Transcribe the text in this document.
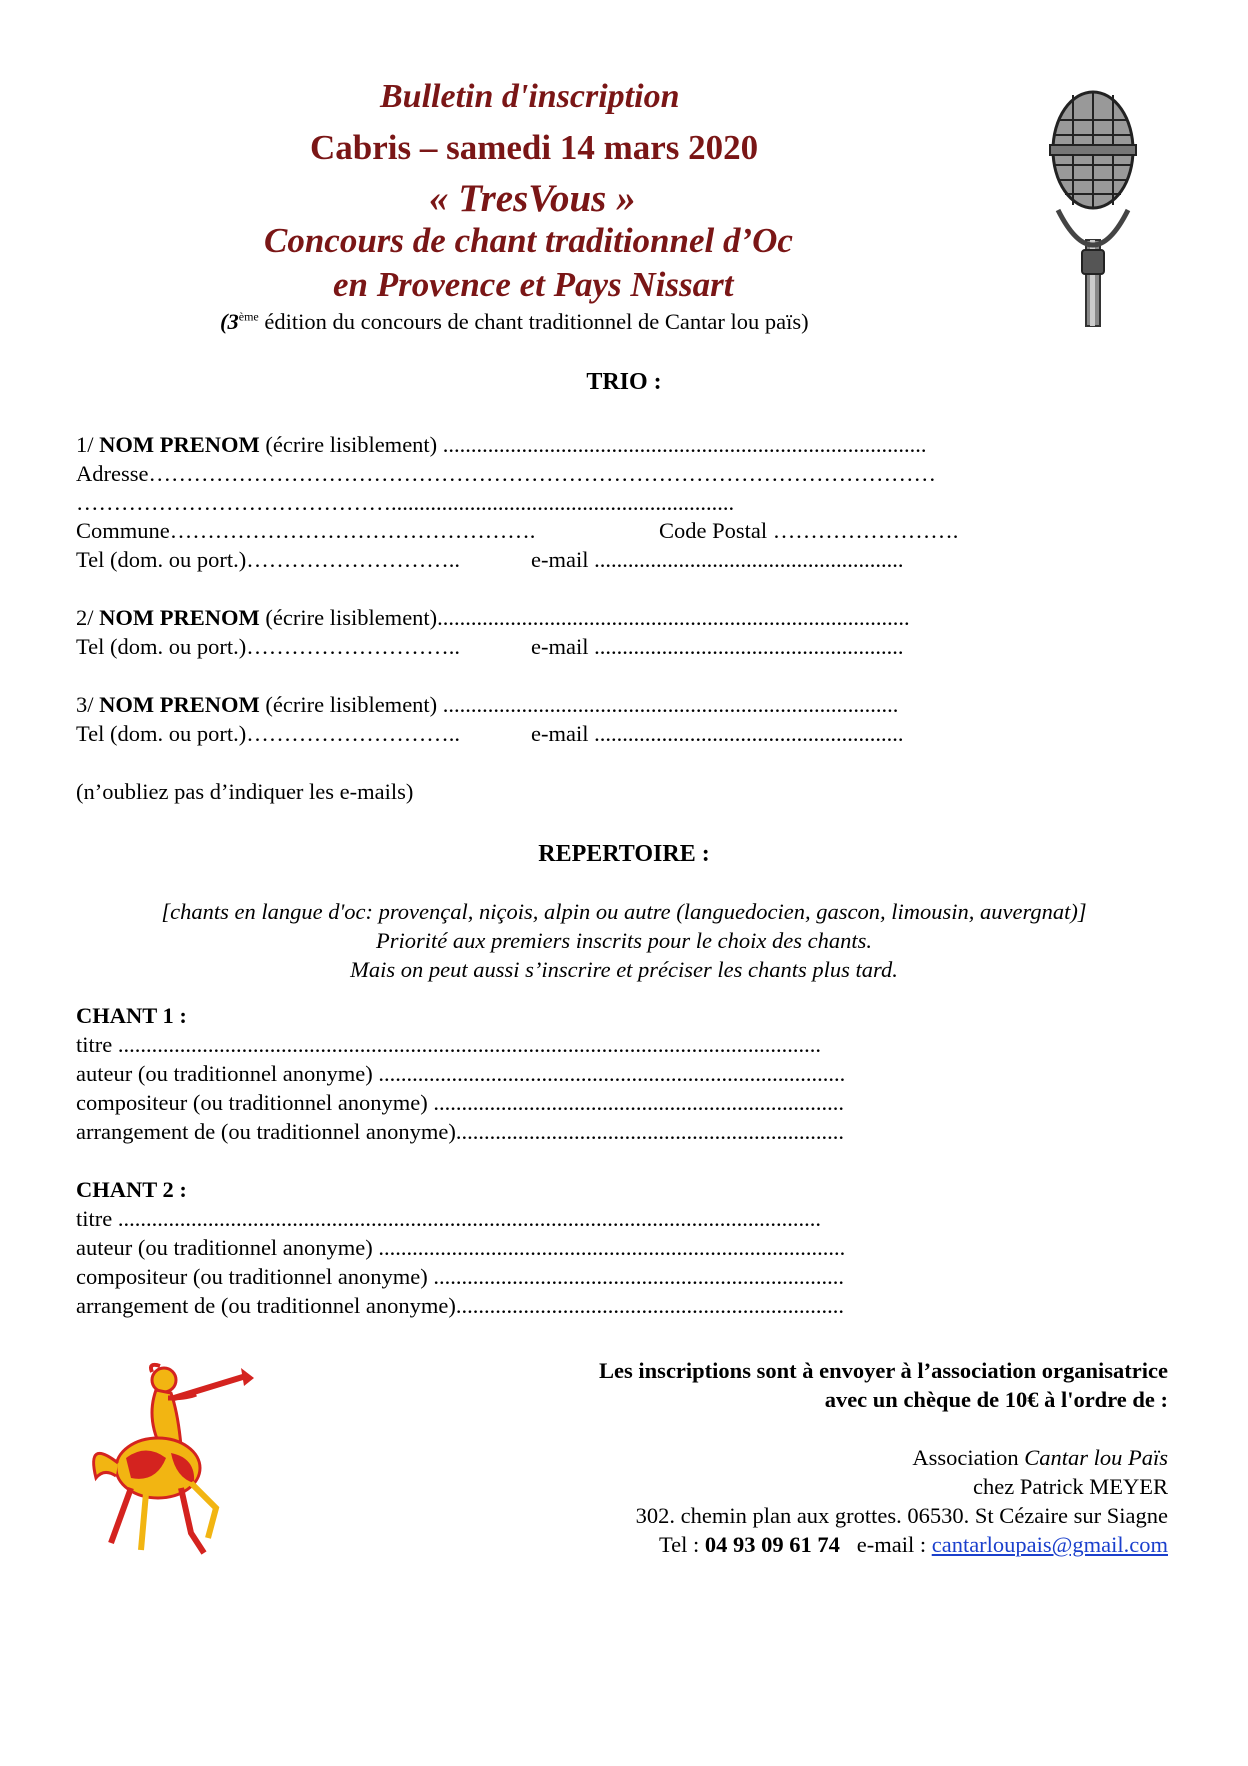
Bulletin d'inscription
Cabris – samedi 14 mars 2020
« TresVous »
Concours de chant traditionnel d’Oc
en Provence et Pays Nissart
(3ème édition du concours de chant traditionnel de Cantar lou païs)
TRIO :
1/ NOM PRENOM (écrire lisiblement) ......................................................................................
Adresse……………………………………………………………………………………………
…………………………………….............................................................
Commune………………………………………….	Code Postal …………………….
Tel (dom. ou port.)………………………..	e-mail .......................................................
2/ NOM PRENOM (écrire lisiblement)....................................................................................
Tel (dom. ou port.)………………………..	e-mail .......................................................
3/ NOM PRENOM (écrire lisiblement) .................................................................................
Tel (dom. ou port.)………………………..	e-mail .......................................................
(n’oubliez pas d’indiquer les e-mails)
REPERTOIRE :
[chants en langue d'oc: provençal, niçois, alpin ou autre (languedocien, gascon, limousin, auvergnat)]
Priorité aux premiers inscrits pour le choix des chants.
Mais on peut aussi s’inscrire et préciser les chants plus tard.
CHANT 1 :
titre .............................................................................................................................
auteur (ou traditionnel anonyme) ...................................................................................
compositeur (ou traditionnel anonyme) .........................................................................
arrangement de (ou traditionnel anonyme).....................................................................
CHANT 2 :
titre .............................................................................................................................
auteur (ou traditionnel anonyme) ...................................................................................
compositeur (ou traditionnel anonyme) .........................................................................
arrangement de (ou traditionnel anonyme).....................................................................
Les inscriptions sont à envoyer à l’association organisatrice
avec un chèque de 10€ à l'ordre de :
Association Cantar lou Païs
chez Patrick MEYER
302. chemin plan aux grottes. 06530. St Cézaire sur Siagne
Tel : 04 93 09 61 74   e-mail : cantarloupais@gmail.com
